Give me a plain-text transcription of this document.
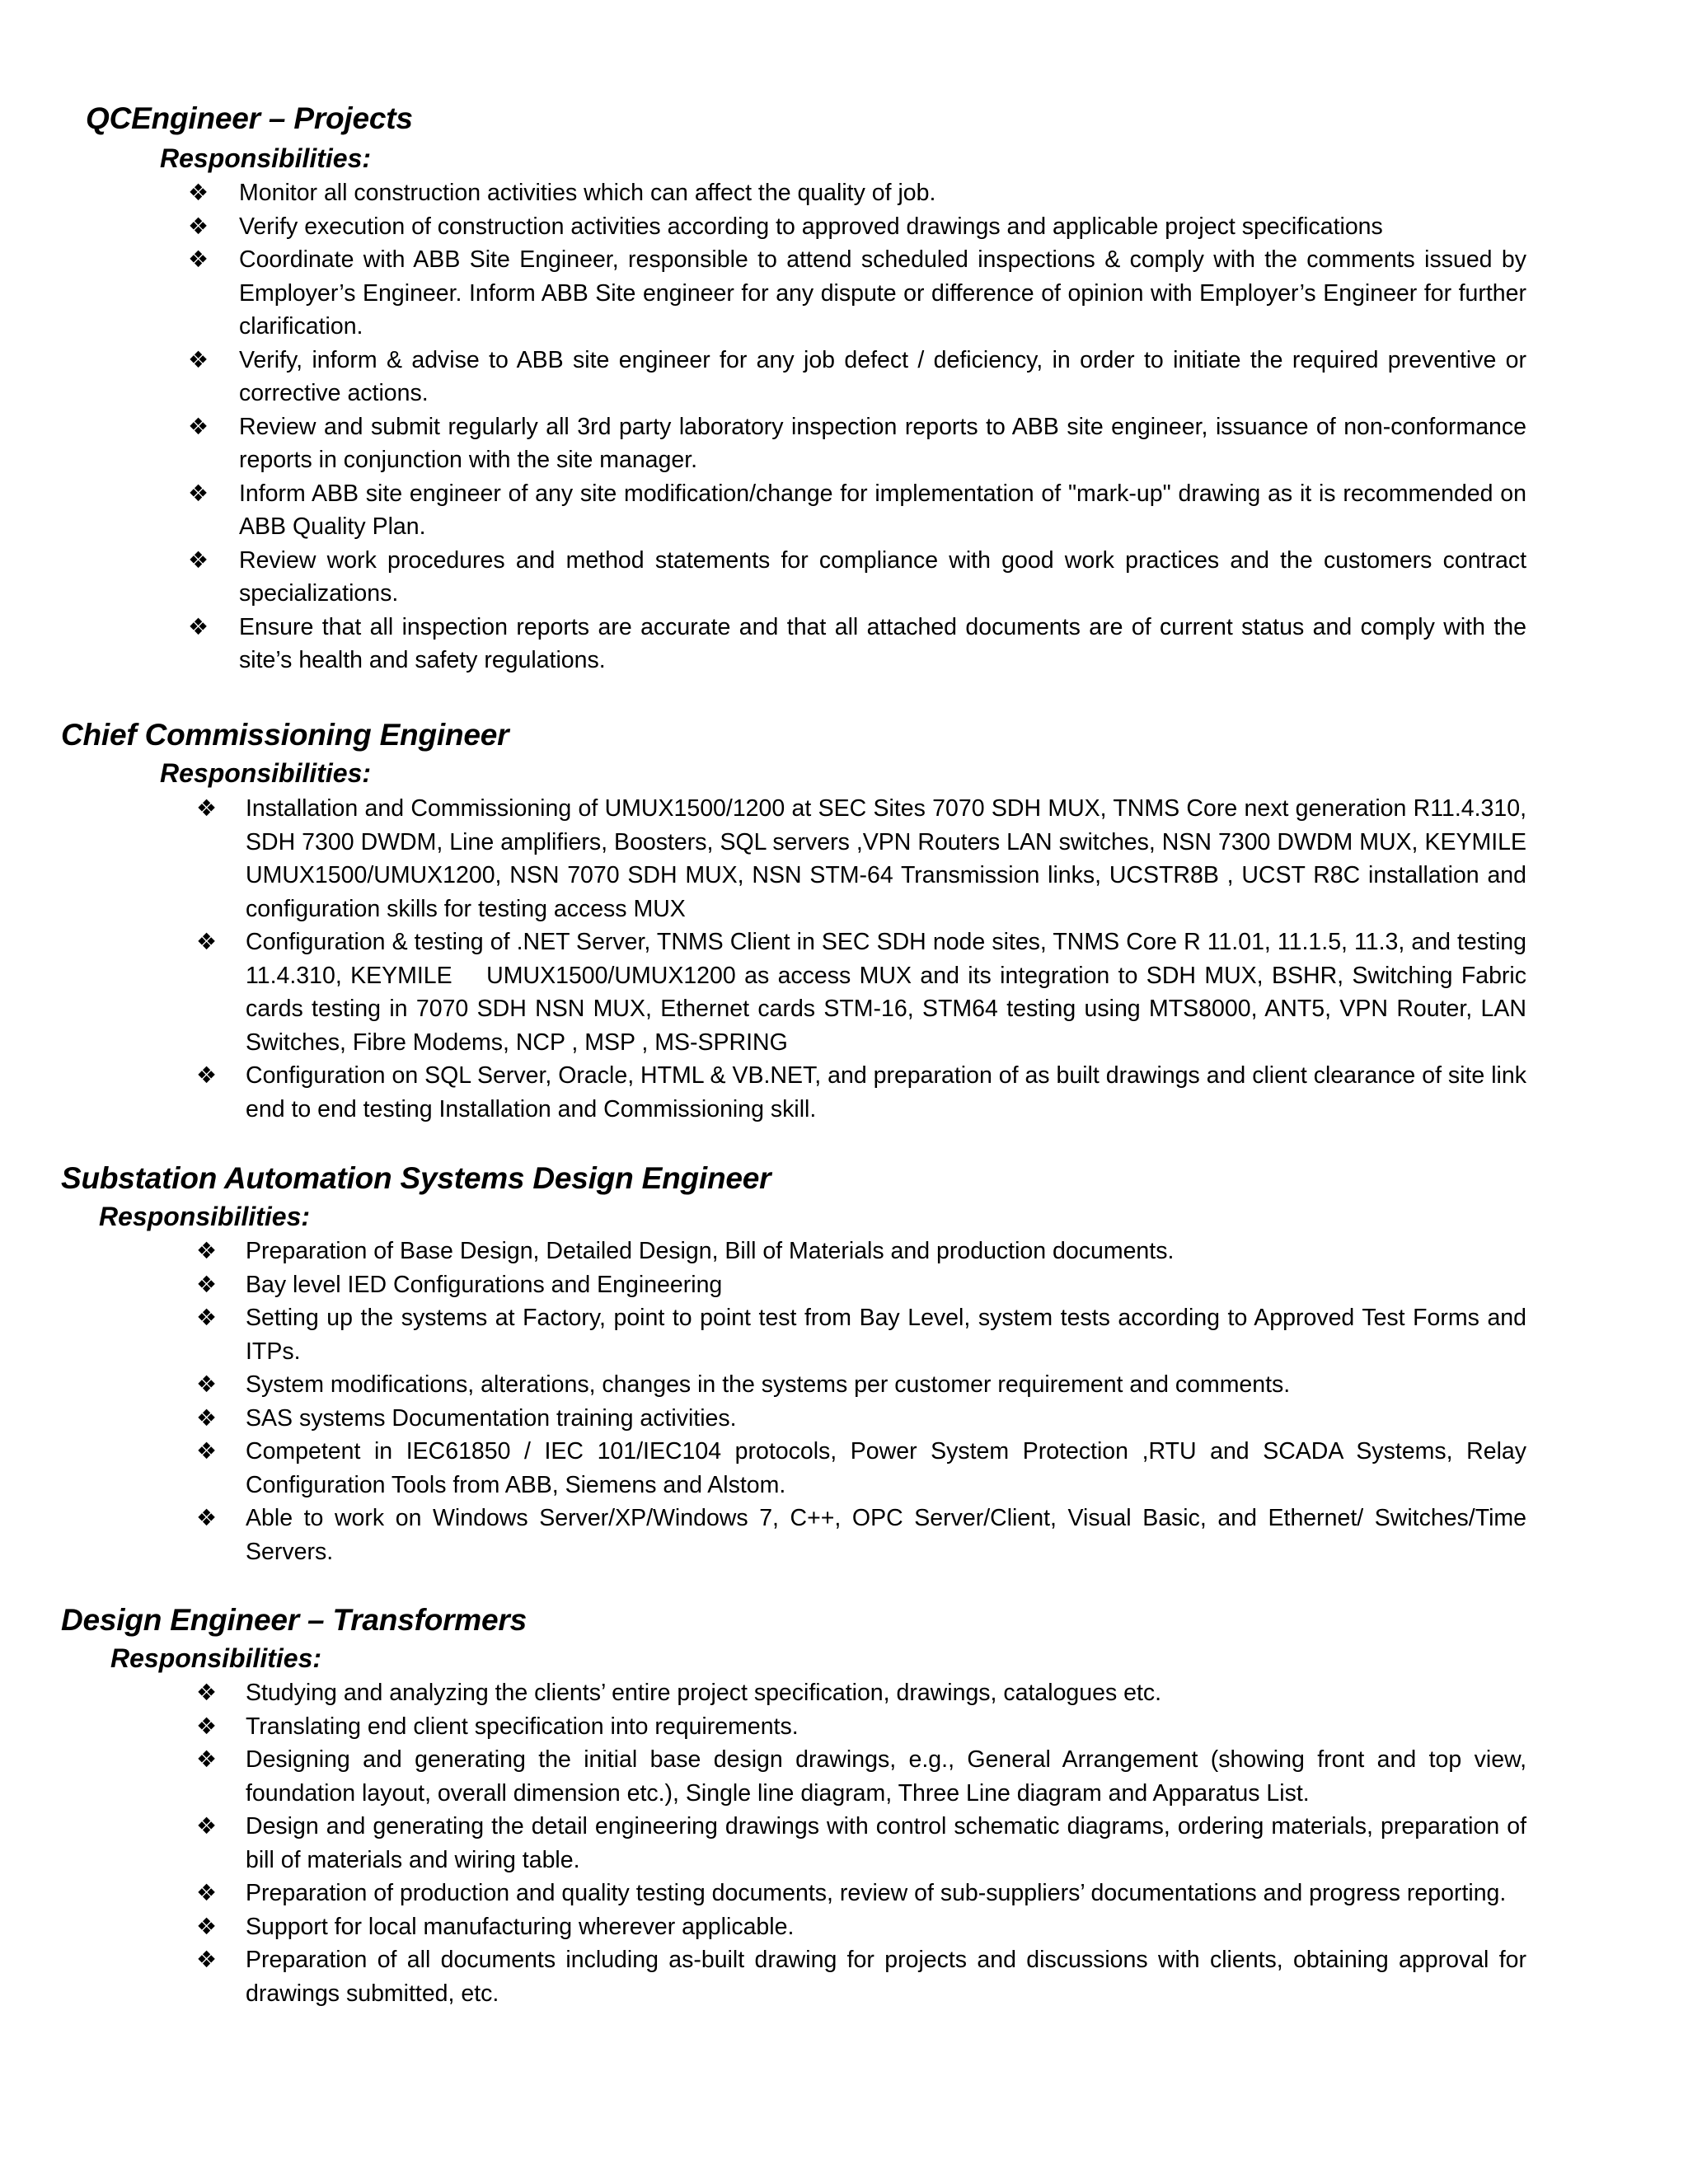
QCEngineer – Projects
Responsibilities:
❖ Monitor all construction activities which can affect the quality of job.
❖ Verify execution of construction activities according to approved drawings and applicable project specifications
❖ Coordinate with ABB Site Engineer, responsible to attend scheduled inspections & comply with the comments issued by Employer’s Engineer. Inform ABB Site engineer for any dispute or difference of opinion with Employer’s Engineer for further clarification.
❖ Verify, inform & advise to ABB site engineer for any job defect / deficiency, in order to initiate the required preventive or corrective actions.
❖ Review and submit regularly all 3rd party laboratory inspection reports to ABB site engineer, issuance of non-conformance reports in conjunction with the site manager.
❖ Inform ABB site engineer of any site modification/change for implementation of "mark-up" drawing as it is recommended on ABB Quality Plan.
❖ Review work procedures and method statements for compliance with good work practices and the customers contract specializations.
❖ Ensure that all inspection reports are accurate and that all attached documents are of current status and comply with the site’s health and safety regulations.
Chief Commissioning Engineer
Responsibilities:
❖ Installation and Commissioning of UMUX1500/1200 at SEC Sites 7070 SDH MUX, TNMS Core next generation R11.4.310, SDH 7300 DWDM, Line amplifiers, Boosters, SQL servers ,VPN Routers LAN switches, NSN 7300 DWDM MUX, KEYMILE UMUX1500/UMUX1200, NSN 7070 SDH MUX, NSN STM-64 Transmission links, UCSTR8B , UCST R8C installation and configuration skills for testing access MUX
❖ Configuration & testing of .NET Server, TNMS Client in SEC SDH node sites, TNMS Core R 11.01, 11.1.5, 11.3, and testing 11.4.310, KEYMILE    UMUX1500/UMUX1200 as access MUX and its integration to SDH MUX, BSHR, Switching Fabric cards testing in 7070 SDH NSN MUX, Ethernet cards STM-16, STM64 testing using MTS8000, ANT5, VPN Router, LAN Switches, Fibre Modems, NCP , MSP , MS-SPRING
❖ Configuration on SQL Server, Oracle, HTML & VB.NET, and preparation of as built drawings and client clearance of site link end to end testing Installation and Commissioning skill.
Substation Automation Systems Design Engineer
Responsibilities:
❖ Preparation of Base Design, Detailed Design, Bill of Materials and production documents.
❖ Bay level IED Configurations and Engineering
❖ Setting up the systems at Factory, point to point test from Bay Level, system tests according to Approved Test Forms and ITPs.
❖ System modifications, alterations, changes in the systems per customer requirement and comments.
❖ SAS systems Documentation training activities.
❖ Competent in IEC61850 / IEC 101/IEC104 protocols, Power System Protection ,RTU and SCADA Systems, Relay Configuration Tools from ABB, Siemens and Alstom.
❖ Able to work on Windows Server/XP/Windows 7, C++, OPC Server/Client, Visual Basic, and Ethernet/ Switches/Time Servers.
Design Engineer – Transformers
Responsibilities:
❖ Studying and analyzing the clients’ entire project specification, drawings, catalogues etc.
❖ Translating end client specification into requirements.
❖ Designing and generating the initial base design drawings, e.g., General Arrangement (showing front and top view, foundation layout, overall dimension etc.), Single line diagram, Three Line diagram and Apparatus List.
❖ Design and generating the detail engineering drawings with control schematic diagrams, ordering materials, preparation of bill of materials and wiring table.
❖ Preparation of production and quality testing documents, review of sub-suppliers’ documentations and progress reporting.
❖ Support for local manufacturing wherever applicable.
❖ Preparation of all documents including as-built drawing for projects and discussions with clients, obtaining approval for drawings submitted, etc.
